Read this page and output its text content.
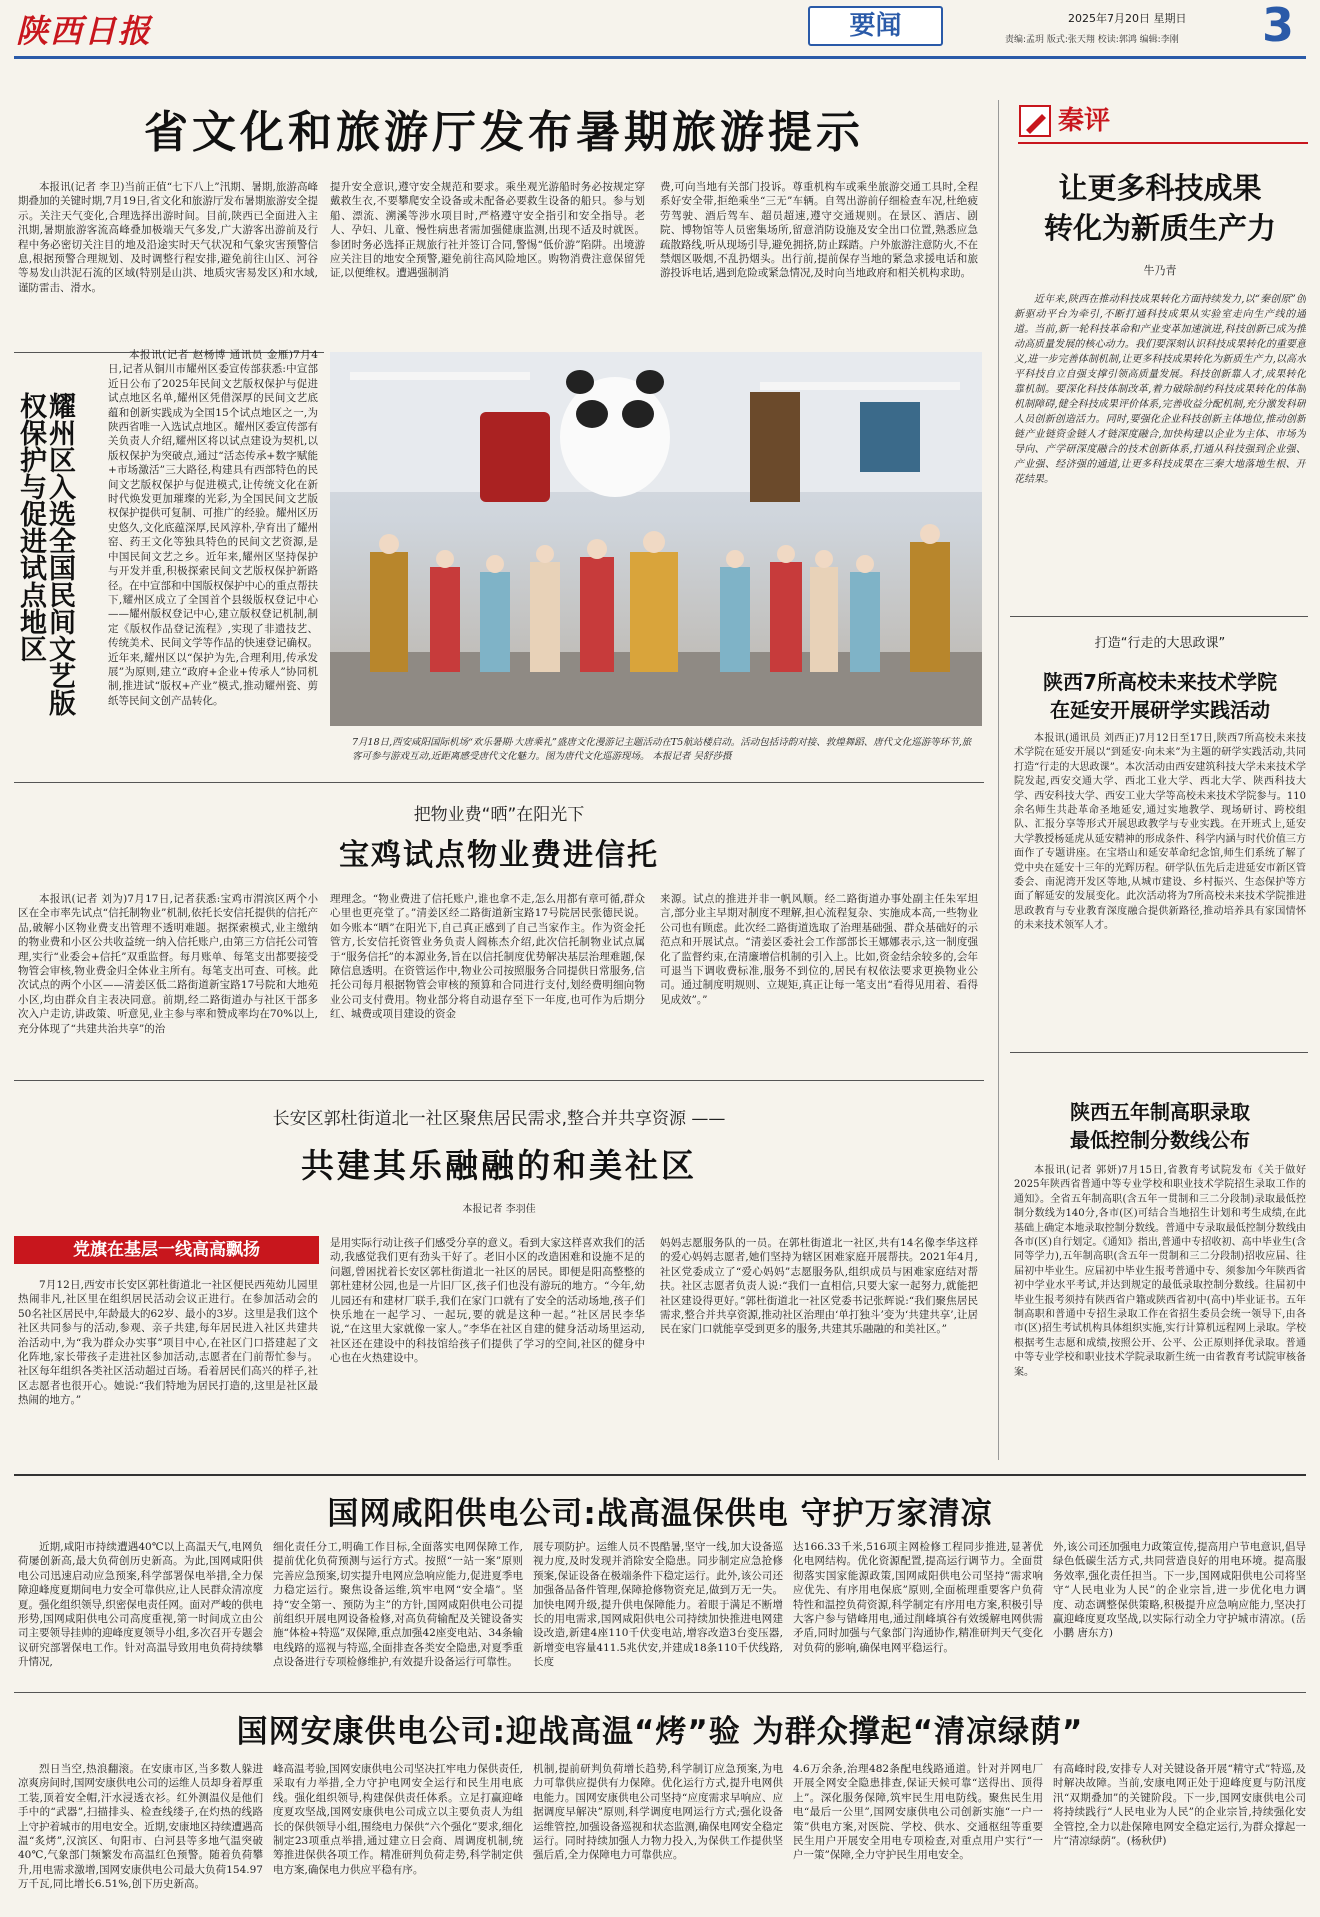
陕西日报	要闻	2025年7月20日 星期日
责编:孟玥 版式:张天翔 校读:郭鸿 编辑:李刚 3
省文化和旅游厅发布暑期旅游提示
本报讯(记者 李卫)当前正值“七下八上”汛期、暑期,旅游高峰期叠加的关键时期,7月19日,省文化和旅游厅发布暑期旅游安全提示。关注天气变化,合理选择出游时间。目前,陕西已全面进入主汛期,暑期旅游客流高峰叠加极端天气多发,广大游客出游前及行程中务必密切关注目的地及沿途实时天气状况和气象灾害预警信息,根据预警合理规划、及时调整行程安排,避免前往山区、河谷等易发山洪泥石流的区域(特别是山洪、地质灾害易发区)和水域,谨防雷击、滑水。
提升安全意识,遵守安全规范和要求。乘坐观光游船时务必按规定穿戴救生衣,不要攀爬安全设备或未配备必要救生设备的船只。参与划船、漂流、溯溪等涉水项目时,严格遵守安全指引和安全指导。老人、孕妇、儿童、慢性病患者需加强健康监测,出现不适及时就医。参团时务必选择正规旅行社并签订合同,警惕“低价游”陷阱。出境游应关注目的地安全预警,避免前往高风险地区。购物消费注意保留凭证,以便维权。遭遇强制消
费,可向当地有关部门投诉。尊重机构车或乘坐旅游交通工具时,全程系好安全带,拒绝乘坐“三无”车辆。自驾出游前仔细检查车况,杜绝疲劳驾驶、酒后驾车、超员超速,遵守交通规则。在景区、酒店、剧院、博物馆等人员密集场所,留意消防设施及安全出口位置,熟悉应急疏散路线,听从现场引导,避免拥挤,防止踩踏。户外旅游注意防火,不在禁烟区吸烟,不乱扔烟头。出行前,提前保存当地的紧急求援电话和旅游投诉电话,遇到危险或紧急情况,及时向当地政府和相关机构求助。
耀州区入选全国民间文艺版权保护与促进试点地区
本报讯(记者 赵杨博 通讯员 金雁)7月4日,记者从铜川市耀州区委宣传部获悉:中宣部近日公布了2025年民间文艺版权保护与促进试点地区名单,耀州区凭借深厚的民间文艺底蕴和创新实践成为全国15个试点地区之一,为陕西省唯一入选试点地区。耀州区委宣传部有关负责人介绍,耀州区将以试点建设为契机,以版权保护为突破点,通过“活态传承+数字赋能+市场激活”三大路径,构建具有西部特色的民间文艺版权保护与促进模式,让传统文化在新时代焕发更加璀璨的光彩,为全国民间文艺版权保护提供可复制、可推广的经验。耀州区历史悠久,文化底蕴深厚,民风淳朴,孕育出了耀州窑、药王文化等独具特色的民间文艺资源,是中国民间文艺之乡。近年来,耀州区坚持保护与开发并重,积极探索民间文艺版权保护新路径。在中宣部和中国版权保护中心的重点帮扶下,耀州区成立了全国首个县级版权登记中心——耀州版权登记中心,建立版权登记机制,制定《版权作品登记流程》,实现了非遗技艺、传统美术、民间文学等作品的快速登记确权。近年来,耀州区以“保护为先,合理利用,传承发展”为原则,建立“政府+企业+传承人”协同机制,推进试“版权+产业”模式,推动耀州瓷、剪纸等民间文创产品转化。
7月18日,西安咸阳国际机场“欢乐暑期·大唐乘礼”盛唐文化漫游记主题活动在T5航站楼启动。活动包括诗韵对接、敦煌舞蹈、唐代文化巡游等环节,旅客可参与游戏互动,近距离感受唐代文化魅力。图为唐代文化巡游现场。 本报记者 吴舒莎摄
把物业费“晒”在阳光下
宝鸡试点物业费进信托
本报讯(记者 刘为)7月17日,记者获悉:宝鸡市渭滨区两个小区在全市率先试点“信托制物业”机制,依托长安信托提供的信托产品,破解小区物业费支出管理不透明难题。据探索模式,业主缴纳的物业费和小区公共收益统一纳入信托账户,由第三方信托公司管理,实行“业委会+信托”双重监督。每月账单、每笔支出都要接受物管会审核,物业费金归全体业主所有。每笔支出可查、可核。此次试点的两个小区——清姜区低二路街道新宝路17号院和大地苑小区,均由群众自主表决同意。前期,经二路街道办与社区干部多次入户走访,讲政策、听意见,业主参与率和赞成率均在70%以上,充分体现了“共建共治共享”的治
理理念。“物业费进了信托账户,谁也拿不走,怎么用都有章可循,群众心里也更亮堂了。”清姜区经二路街道新宝路17号院居民张德民说。如今账本“晒”在阳光下,自己真正感到了自己当家作主。作为资金托管方,长安信托资管业务负责人阎栋杰介绍,此次信托制物业试点属于“服务信托”的本源业务,旨在以信托制度优势解决基层治理难题,保障信息透明。在资管运作中,物业公司按照服务合同提供日常服务,信托公司每月根据物管会审核的预算和合同进行支付,划经费明细向物业公司支付费用。物业部分将自动退存至下一年度,也可作为后期分红、城费或项目建设的资金
来源。试点的推进并非一帆风顺。经二路街道办事处副主任朱军坦言,部分业主早期对制度不理解,担心流程复杂、实施成本高,一些物业公司也有顾虑。此次经二路街道选取了治理基础强、群众基础好的示范点和开展试点。“清姜区委社会工作部部长王娜娜表示,这一制度强化了监督约束,在清廉增信机制的引入上。比如,资金结余较多的,会年可退当下调收费标准,服务不到位的,居民有权依法要求更换物业公司。通过制度明规则、立规矩,真正让每一笔支出“看得见用着、看得见成效”。”
长安区郭杜街道北一社区聚焦居民需求,整合并共享资源 ——
共建其乐融融的和美社区
本报记者 李羽佳
党旗在基层一线高高飘扬
7月12日,西安市长安区郭杜街道北一社区便民西苑幼儿园里热闹非凡,社区里在组织居民活动会议正进行。在参加活动会的50名社区居民中,年龄最大的62岁、最小的3岁。这里是我们这个社区共同参与的活动,参观、亲子共建,每年居民进入社区共建共治活动中,为“我为群众办实事”项目中心,在社区门口搭建起了文化阵地,家长带孩子走进社区参加活动,志愿者在门前帮忙参与。社区每年组织各类社区活动超过百场。看着居民们高兴的样子,社区志愿者也很开心。她说:“我们特地为居民打造的,这里是社区最热闹的地方。”
是用实际行动让孩子们感受分享的意义。看到大家这样喜欢我们的活动,我感觉我们更有劲头干好了。老旧小区的改造困难和设施不足的问题,曾困扰着长安区郭杜街道北一社区的居民。即便是阳高整整的郭杜建材公园,也是一片旧厂区,孩子们也没有游玩的地方。“今年,幼儿园还有和建材厂联手,我们在家门口就有了安全的活动场地,孩子们快乐地在一起学习、一起玩,要的就是这种一起。”社区居民李华说,“在这里大家就像一家人。”李华在社区自建的健身活动场里运动,社区还在建设中的科技馆给孩子们提供了学习的空间,社区的健身中心也在火热建设中。
妈妈志愿服务队的一员。在郭杜街道北一社区,共有14名像李华这样的爱心妈妈志愿者,她们坚持为辖区困难家庭开展帮扶。2021年4月,社区党委成立了“爱心妈妈”志愿服务队,组织成员与困难家庭结对帮扶。社区志愿者负责人说:“我们一直相信,只要大家一起努力,就能把社区建设得更好。”郭杜街道北一社区党委书记张辉说:“我们聚焦居民需求,整合并共享资源,推动社区治理由‘单打独斗’变为‘共建共享’,让居民在家门口就能享受到更多的服务,共建其乐融融的和美社区。”
秦评
让更多科技成果
转化为新质生产力
牛乃青
近年来,陕西在推动科技成果转化方面持续发力,以“秦创原”创新驱动平台为牵引,不断打通科技成果从实验室走向生产线的通道。当前,新一轮科技革命和产业变革加速演进,科技创新已成为推动高质量发展的核心动力。我们要深刻认识科技成果转化的重要意义,进一步完善体制机制,让更多科技成果转化为新质生产力,以高水平科技自立自强支撑引领高质量发展。科技创新靠人才,成果转化靠机制。要深化科技体制改革,着力破除制约科技成果转化的体制机制障碍,健全科技成果评价体系,完善收益分配机制,充分激发科研人员创新创造活力。同时,要强化企业科技创新主体地位,推动创新链产业链资金链人才链深度融合,加快构建以企业为主体、市场为导向、产学研深度融合的技术创新体系,打通从科技强到企业强、产业强、经济强的通道,让更多科技成果在三秦大地落地生根、开花结果。
打造“行走的大思政课”
陕西7所高校未来技术学院
在延安开展研学实践活动
本报讯(通讯员 刘西正)7月12日至17日,陕西7所高校未来技术学院在延安开展以“到延安·向未来”为主题的研学实践活动,共同打造“行走的大思政课”。本次活动由西安建筑科技大学未来技术学院发起,西安交通大学、西北工业大学、西北大学、陕西科技大学、西安科技大学、西安工业大学等高校未来技术学院参与。110余名师生共赴革命圣地延安,通过实地教学、现场研讨、跨校组队、汇报分享等形式开展思政教学与专业实践。在开班式上,延安大学教授杨延虎从延安精神的形成条件、科学内涵与时代价值三方面作了专题讲座。在宝塔山和延安革命纪念馆,师生们系统了解了党中央在延安十三年的光辉历程。研学队伍先后走进延安市新区管委会、南泥湾开发区等地,从城市建设、乡村振兴、生态保护等方面了解延安的发展变化。此次活动将为7所高校未来技术学院推进思政教育与专业教育深度融合提供新路径,推动培养具有家国情怀的未来技术领军人才。
陕西五年制高职录取
最低控制分数线公布
本报讯(记者 郭妍)7月15日,省教育考试院发布《关于做好2025年陕西省普通中等专业学校和职业技术学院招生录取工作的通知》。全省五年制高职(含五年一贯制和三二分段制)录取最低控制分数线为140分,各市(区)可结合当地招生计划和考生成绩,在此基础上确定本地录取控制分数线。普通中专录取最低控制分数线由各市(区)自行划定。《通知》指出,普通中专招收初、高中毕业生(含同等学力),五年制高职(含五年一贯制和三二分段制)招收应届、往届初中毕业生。应届初中毕业生报考普通中专、须参加今年陕西省初中学业水平考试,并达到规定的最低录取控制分数线。往届初中毕业生报考须持有陕西省户籍或陕西省初中(高中)毕业证书。五年制高职和普通中专招生录取工作在省招生委员会统一领导下,由各市(区)招生考试机构具体组织实施,实行计算机远程网上录取。学校根据考生志愿和成绩,按照公开、公平、公正原则择优录取。普通中等专业学校和职业技术学院录取新生统一由省教育考试院审核备案。
国网咸阳供电公司:战高温保供电 守护万家清凉
近期,咸阳市持续遭遇40℃以上高温天气,电网负荷屡创新高,最大负荷创历史新高。为此,国网咸阳供电公司迅速启动应急预案,科学部署保电举措,全力保障迎峰度夏期间电力安全可靠供应,让人民群众清凉度夏。强化组织领导,织密保电责任网。面对严峻的供电形势,国网咸阳供电公司高度重视,第一时间成立由公司主要领导挂帅的迎峰度夏领导小组,多次召开专题会议研究部署保电工作。针对高温导致用电负荷持续攀升情况,
细化责任分工,明确工作目标,全面落实电网保障工作,提前优化负荷预测与运行方式。按照“一站一案”原则完善应急预案,切实提升电网应急响应能力,促进夏季电力稳定运行。聚焦设备运维,筑牢电网“安全墙”。坚持“安全第一、预防为主”的方针,国网咸阳供电公司提前组织开展电网设备检修,对高负荷输配及关键设备实施“体检+特巡”双保障,重点加强42座变电站、34条输电线路的巡视与特巡,全面排查各类安全隐患,对夏季重点设备进行专项检修维护,有效提升设备运行可靠性。
展专项防护。运维人员不畏酷暑,坚守一线,加大设备巡视力度,及时发现并消除安全隐患。同步制定应急抢修预案,保证设备在极端条件下稳定运行。此外,该公司还加强备品备件管理,保障抢修物资充足,做到万无一失。加快电网升级,提升供电保障能力。着眼于满足不断增长的用电需求,国网咸阳供电公司持续加快推进电网建设改造,新建4座110千伏变电站,增容改造3台变压器,新增变电容量411.5兆伏安,并建成18条110千伏线路,长度
达166.33千米,516项主网检修工程同步推进,显著优化电网结构。优化资源配置,提高运行调节力。全面贯彻落实国家能源政策,国网咸阳供电公司坚持“需求响应优先、有序用电保底”原则,全面梳理重要客户负荷特性和温控负荷资源,科学制定有序用电方案,积极引导大客户参与错峰用电,通过削峰填谷有效缓解电网供需矛盾,同时加强与气象部门沟通协作,精准研判天气变化对负荷的影响,确保电网平稳运行。
外,该公司还加强电力政策宣传,提高用户节电意识,倡导绿色低碳生活方式,共同营造良好的用电环境。提高服务效率,强化责任担当。下一步,国网咸阳供电公司将坚守“人民电业为人民”的企业宗旨,进一步优化电力调度、动态调整保供策略,积极提升应急响应能力,坚决打赢迎峰度夏攻坚战,以实际行动全力守护城市清凉。(岳小鹏 唐东方)
国网安康供电公司:迎战高温“烤”验 为群众撑起“清凉绿荫”
烈日当空,热浪翻滚。在安康市区,当多数人躲进凉爽房间时,国网安康供电公司的运维人员却身着厚重工装,顶着安全帽,汗水浸透衣衫。红外测温仪是他们手中的“武器”,扫描排头、检查线缕子,在灼热的线路上守护着城市的用电安全。近期,安康地区持续遭遇高温“炙烤”,汉滨区、旬阳市、白河县等多地气温突破40℃,气象部门频繁发布高温红色预警。随着负荷攀升,用电需求激增,国网安康供电公司最大负荷154.97万千瓦,同比增长6.51%,创下历史新高。
峰高温考验,国网安康供电公司坚决扛牢电力保供责任,采取有力举措,全力守护电网安全运行和民生用电底线。强化组织领导,构建保供责任体系。立足打赢迎峰度夏攻坚战,国网安康供电公司成立以主要负责人为组长的保供领导小组,围绕电力保供“六个强化”要求,细化制定23项重点举措,通过建立日会商、周调度机制,统筹推进保供各项工作。精准研判负荷走势,科学制定供电方案,确保电力供应平稳有序。
机制,提前研判负荷增长趋势,科学制订应急预案,为电力可靠供应提供有力保障。优化运行方式,提升电网供电能力。国网安康供电公司坚持“应度需求早响应、应据调度早解决”原则,科学调度电网运行方式;强化设备运维管控,加强设备巡视和状态监测,确保电网安全稳定运行。同时持续加强人力物力投入,为保供工作提供坚强后盾,全力保障电力可靠供应。
4.6万余条,治理482条配电线路通道。针对并网电厂开展全网安全隐患排查,保证天候可靠“送得出、顶得上”。深化服务保障,筑牢民生用电防线。聚焦民生用电“最后一公里”,国网安康供电公司创新实施“一户一策”供电方案,对医院、学校、供水、交通枢纽等重要民生用户开展安全用电专项检查,对重点用户实行“一户一策”保障,全力守护民生用电安全。
有高峰时段,安排专人对关键设备开展“精守式”特巡,及时解决故障。当前,安康电网正处于迎峰度夏与防汛度汛“双期叠加”的关键阶段。下一步,国网安康供电公司将持续践行“人民电业为人民”的企业宗旨,持续强化安全管控,全力以赴保障电网安全稳定运行,为群众撑起一片“清凉绿荫”。(杨秋伊)
